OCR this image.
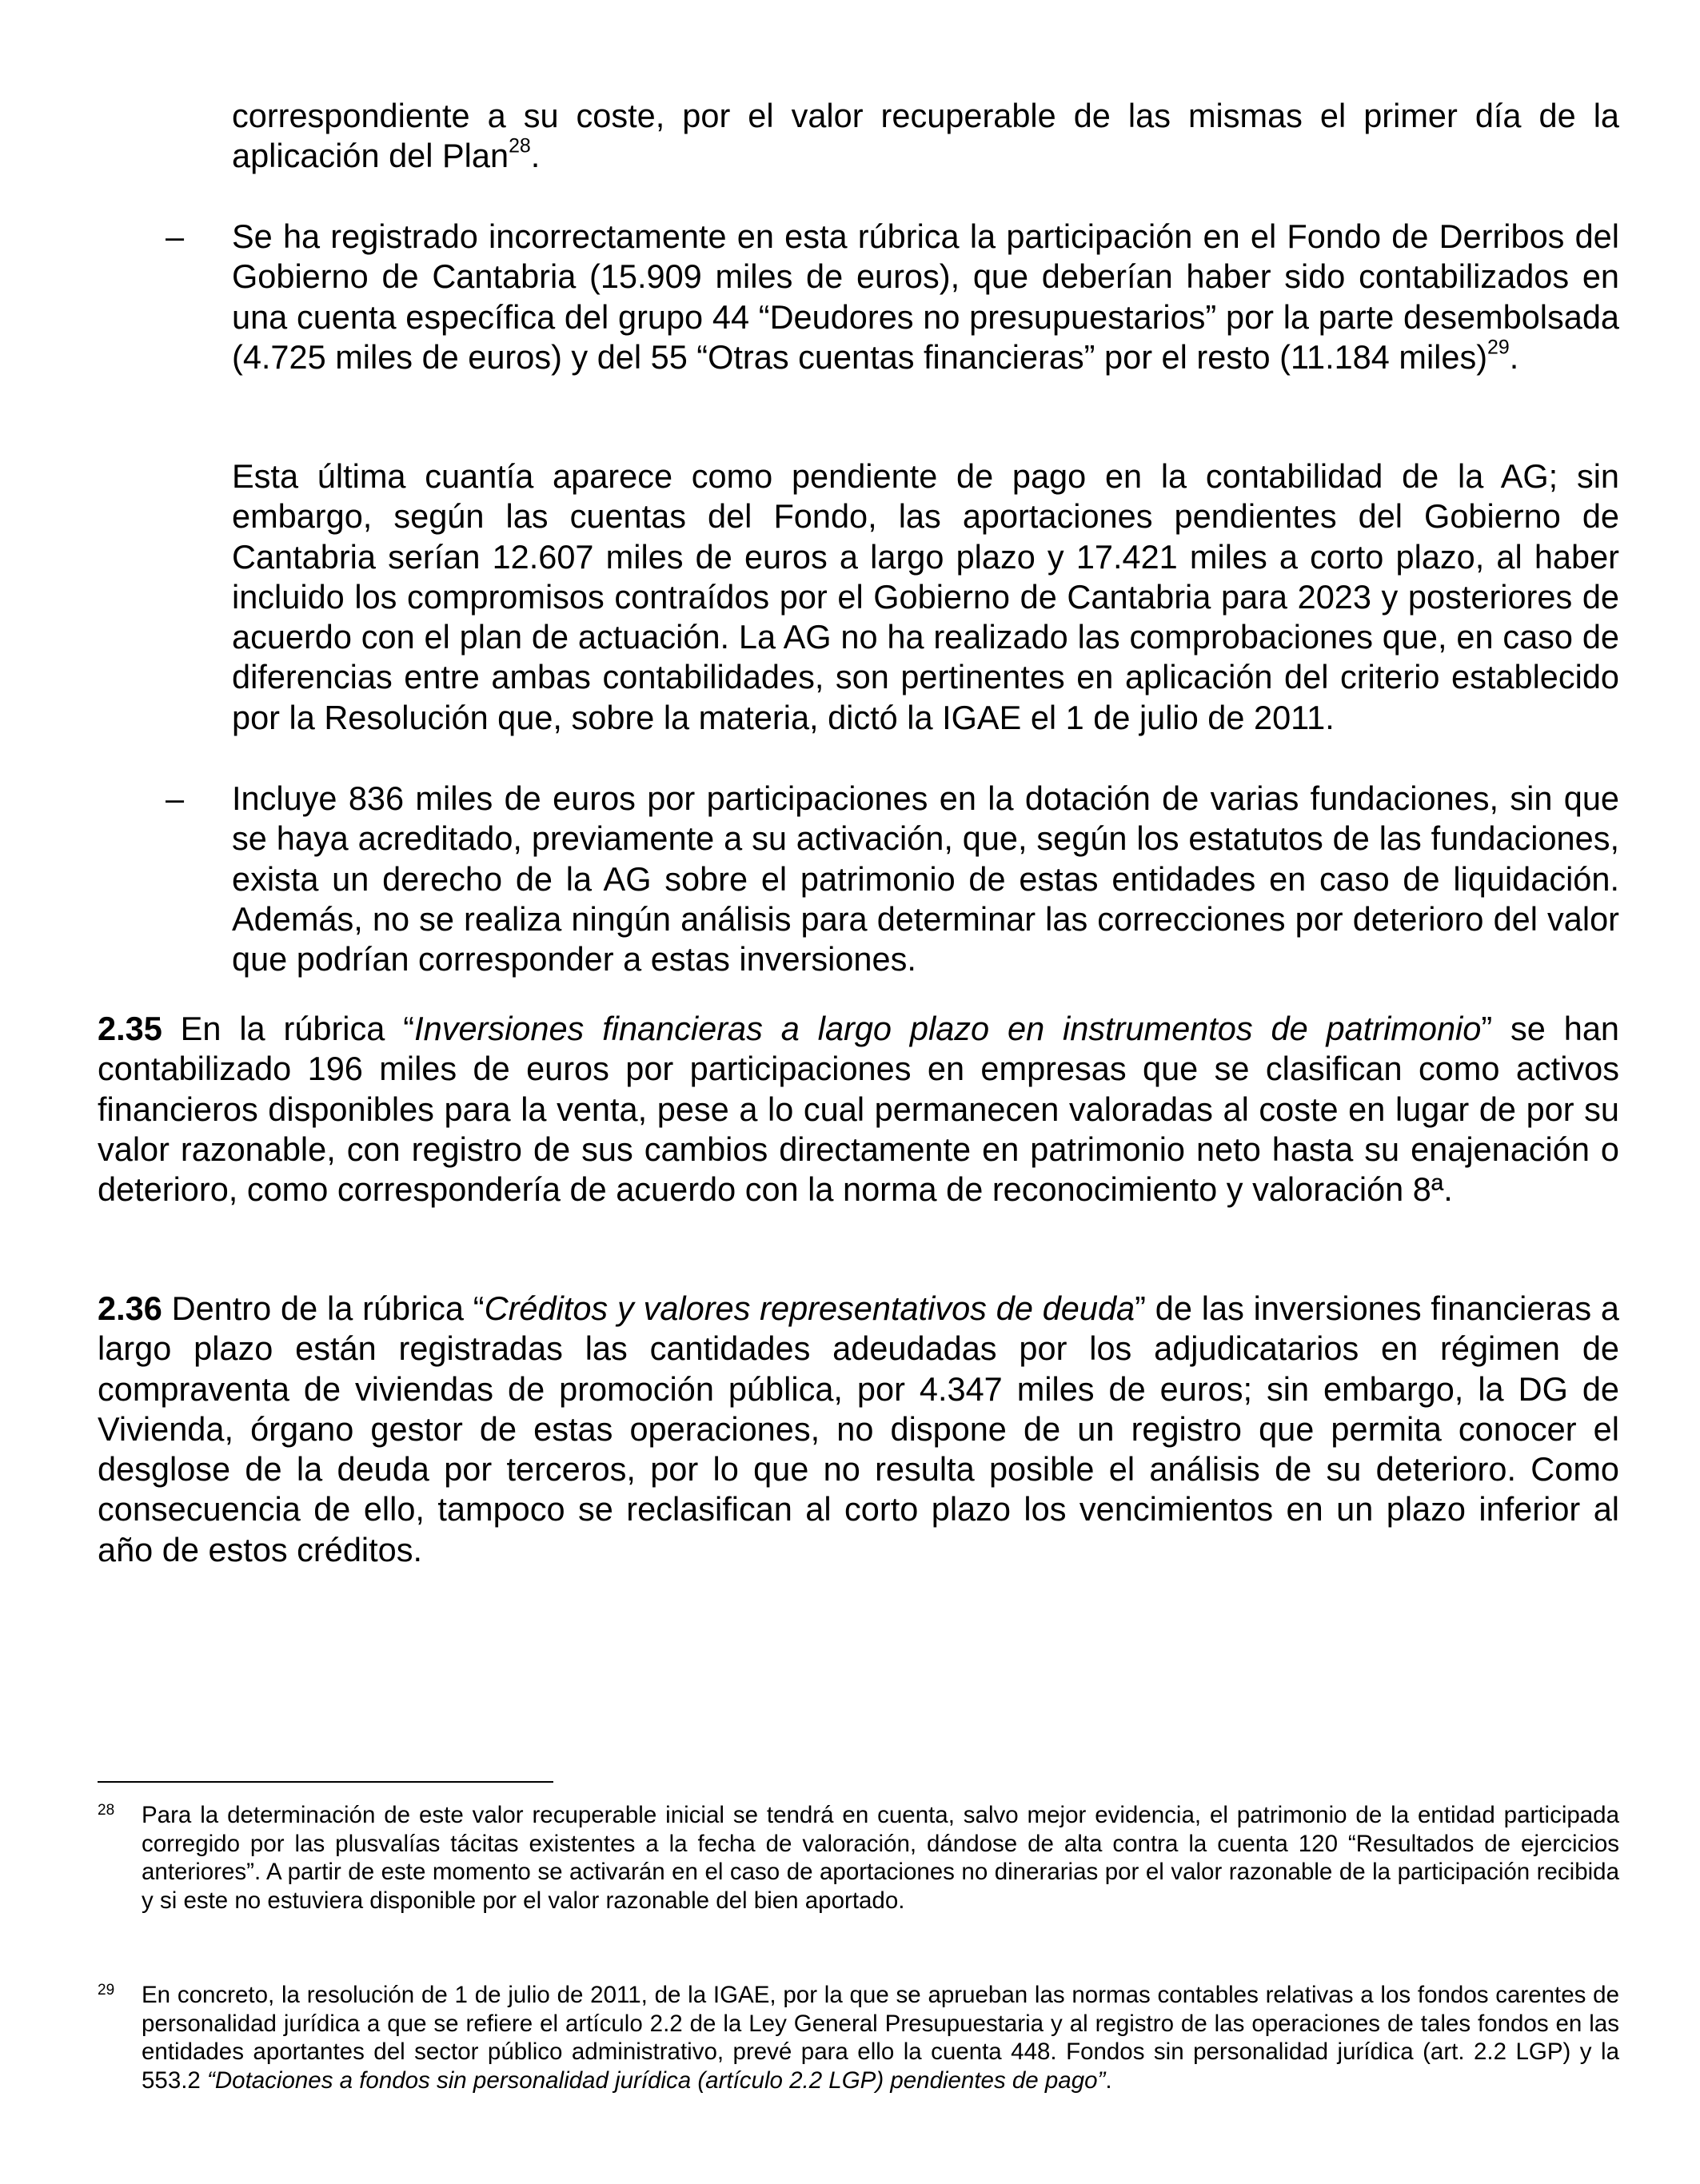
correspondiente a su coste, por el valor recuperable de las mismas el primer día de la aplicación del Plan$^{28}$.

– Se ha registrado incorrectamente en esta rúbrica la participación en el Fondo de Derribos del Gobierno de Cantabria (15.909 miles de euros), que deberían haber sido contabilizados en una cuenta específica del grupo 44 “Deudores no presupuestarios” por la parte desembolsada (4.725 miles de euros) y del 55 “Otras cuentas financieras” por el resto (11.184 miles)$^{29}$.

Esta última cuantía aparece como pendiente de pago en la contabilidad de la AG; sin embargo, según las cuentas del Fondo, las aportaciones pendientes del Gobierno de Cantabria serían 12.607 miles de euros a largo plazo y 17.421 miles a corto plazo, al haber incluido los compromisos contraídos por el Gobierno de Cantabria para 2023 y posteriores de acuerdo con el plan de actuación. La AG no ha realizado las comprobaciones que, en caso de diferencias entre ambas contabilidades, son pertinentes en aplicación del criterio establecido por la Resolución que, sobre la materia, dictó la IGAE el 1 de julio de 2011.

– Incluye 836 miles de euros por participaciones en la dotación de varias fundaciones, sin que se haya acreditado, previamente a su activación, que, según los estatutos de las fundaciones, exista un derecho de la AG sobre el patrimonio de estas entidades en caso de liquidación. Además, no se realiza ningún análisis para determinar las correcciones por deterioro del valor que podrían corresponder a estas inversiones.

2.35 En la rúbrica “Inversiones financieras a largo plazo en instrumentos de patrimonio” se han contabilizado 196 miles de euros por participaciones en empresas que se clasifican como activos financieros disponibles para la venta, pese a lo cual permanecen valoradas al coste en lugar de por su valor razonable, con registro de sus cambios directamente en patrimonio neto hasta su enajenación o deterioro, como correspondería de acuerdo con la norma de reconocimiento y valoración 8ª.

2.36 Dentro de la rúbrica “Créditos y valores representativos de deuda” de las inversiones financieras a largo plazo están registradas las cantidades adeudadas por los adjudicatarios en régimen de compraventa de viviendas de promoción pública, por 4.347 miles de euros; sin embargo, la DG de Vivienda, órgano gestor de estas operaciones, no dispone de un registro que permita conocer el desglose de la deuda por terceros, por lo que no resulta posible el análisis de su deterioro. Como consecuencia de ello, tampoco se reclasifican al corto plazo los vencimientos en un plazo inferior al año de estos créditos.

28 Para la determinación de este valor recuperable inicial se tendrá en cuenta, salvo mejor evidencia, el patrimonio de la entidad participada corregido por las plusvalías tácitas existentes a la fecha de valoración, dándose de alta contra la cuenta 120 “Resultados de ejercicios anteriores”. A partir de este momento se activarán en el caso de aportaciones no dinerarias por el valor razonable de la participación recibida y si este no estuviera disponible por el valor razonable del bien aportado.

29 En concreto, la resolución de 1 de julio de 2011, de la IGAE, por la que se aprueban las normas contables relativas a los fondos carentes de personalidad jurídica a que se refiere el artículo 2.2 de la Ley General Presupuestaria y al registro de las operaciones de tales fondos en las entidades aportantes del sector público administrativo, prevé para ello la cuenta 448. Fondos sin personalidad jurídica (art. 2.2 LGP) y la 553.2 “Dotaciones a fondos sin personalidad jurídica (artículo 2.2 LGP) pendientes de pago”.
